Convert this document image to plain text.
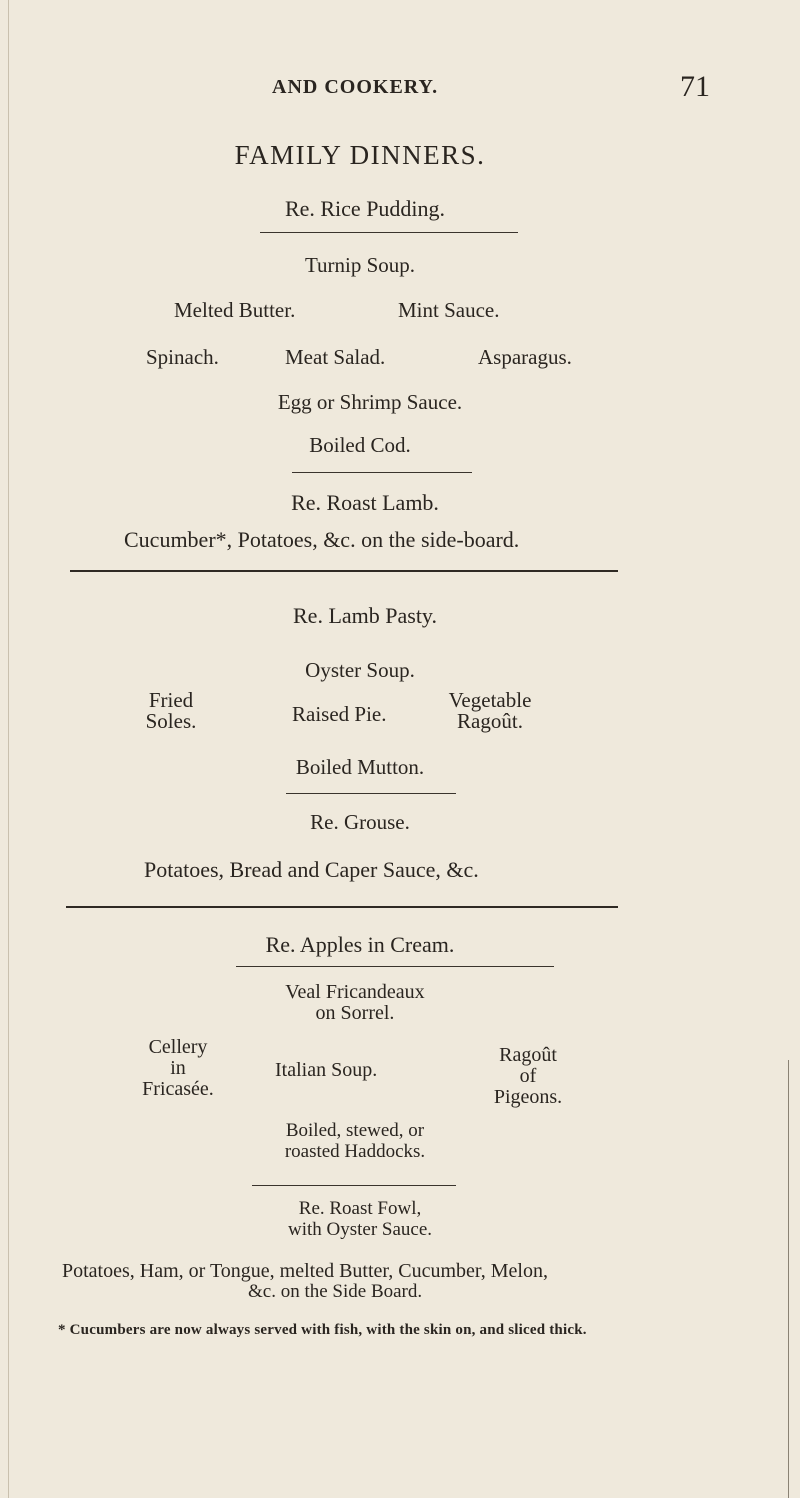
AND COOKERY.	71
FAMILY DINNERS.
Re. Rice Pudding.
Turnip Soup.
Melted Butter.	Mint Sauce.
Spinach.	Meat Salad.	Asparagus.
Egg or Shrimp Sauce.
Boiled Cod.
Re. Roast Lamb.
Cucumber*, Potatoes, &c. on the side-board.
Re. Lamb Pasty.
Oyster Soup.
Fried
Soles.	Raised Pie.
Vegetable
Ragoût.
Boiled Mutton.
Re. Grouse.
Potatoes, Bread and Caper Sauce, &c.
Re. Apples in Cream.
Veal Fricandeaux
on Sorrel.
Cellery
in
Fricasée.
Italian Soup.
Ragoût
of
Pigeons.
Boiled, stewed, or
roasted Haddocks.
Re. Roast Fowl,
with Oyster Sauce.
Potatoes, Ham, or Tongue, melted Butter, Cucumber, Melon,
&c. on the Side Board.
* Cucumbers are now always served with fish, with the skin on, and sliced thick.
